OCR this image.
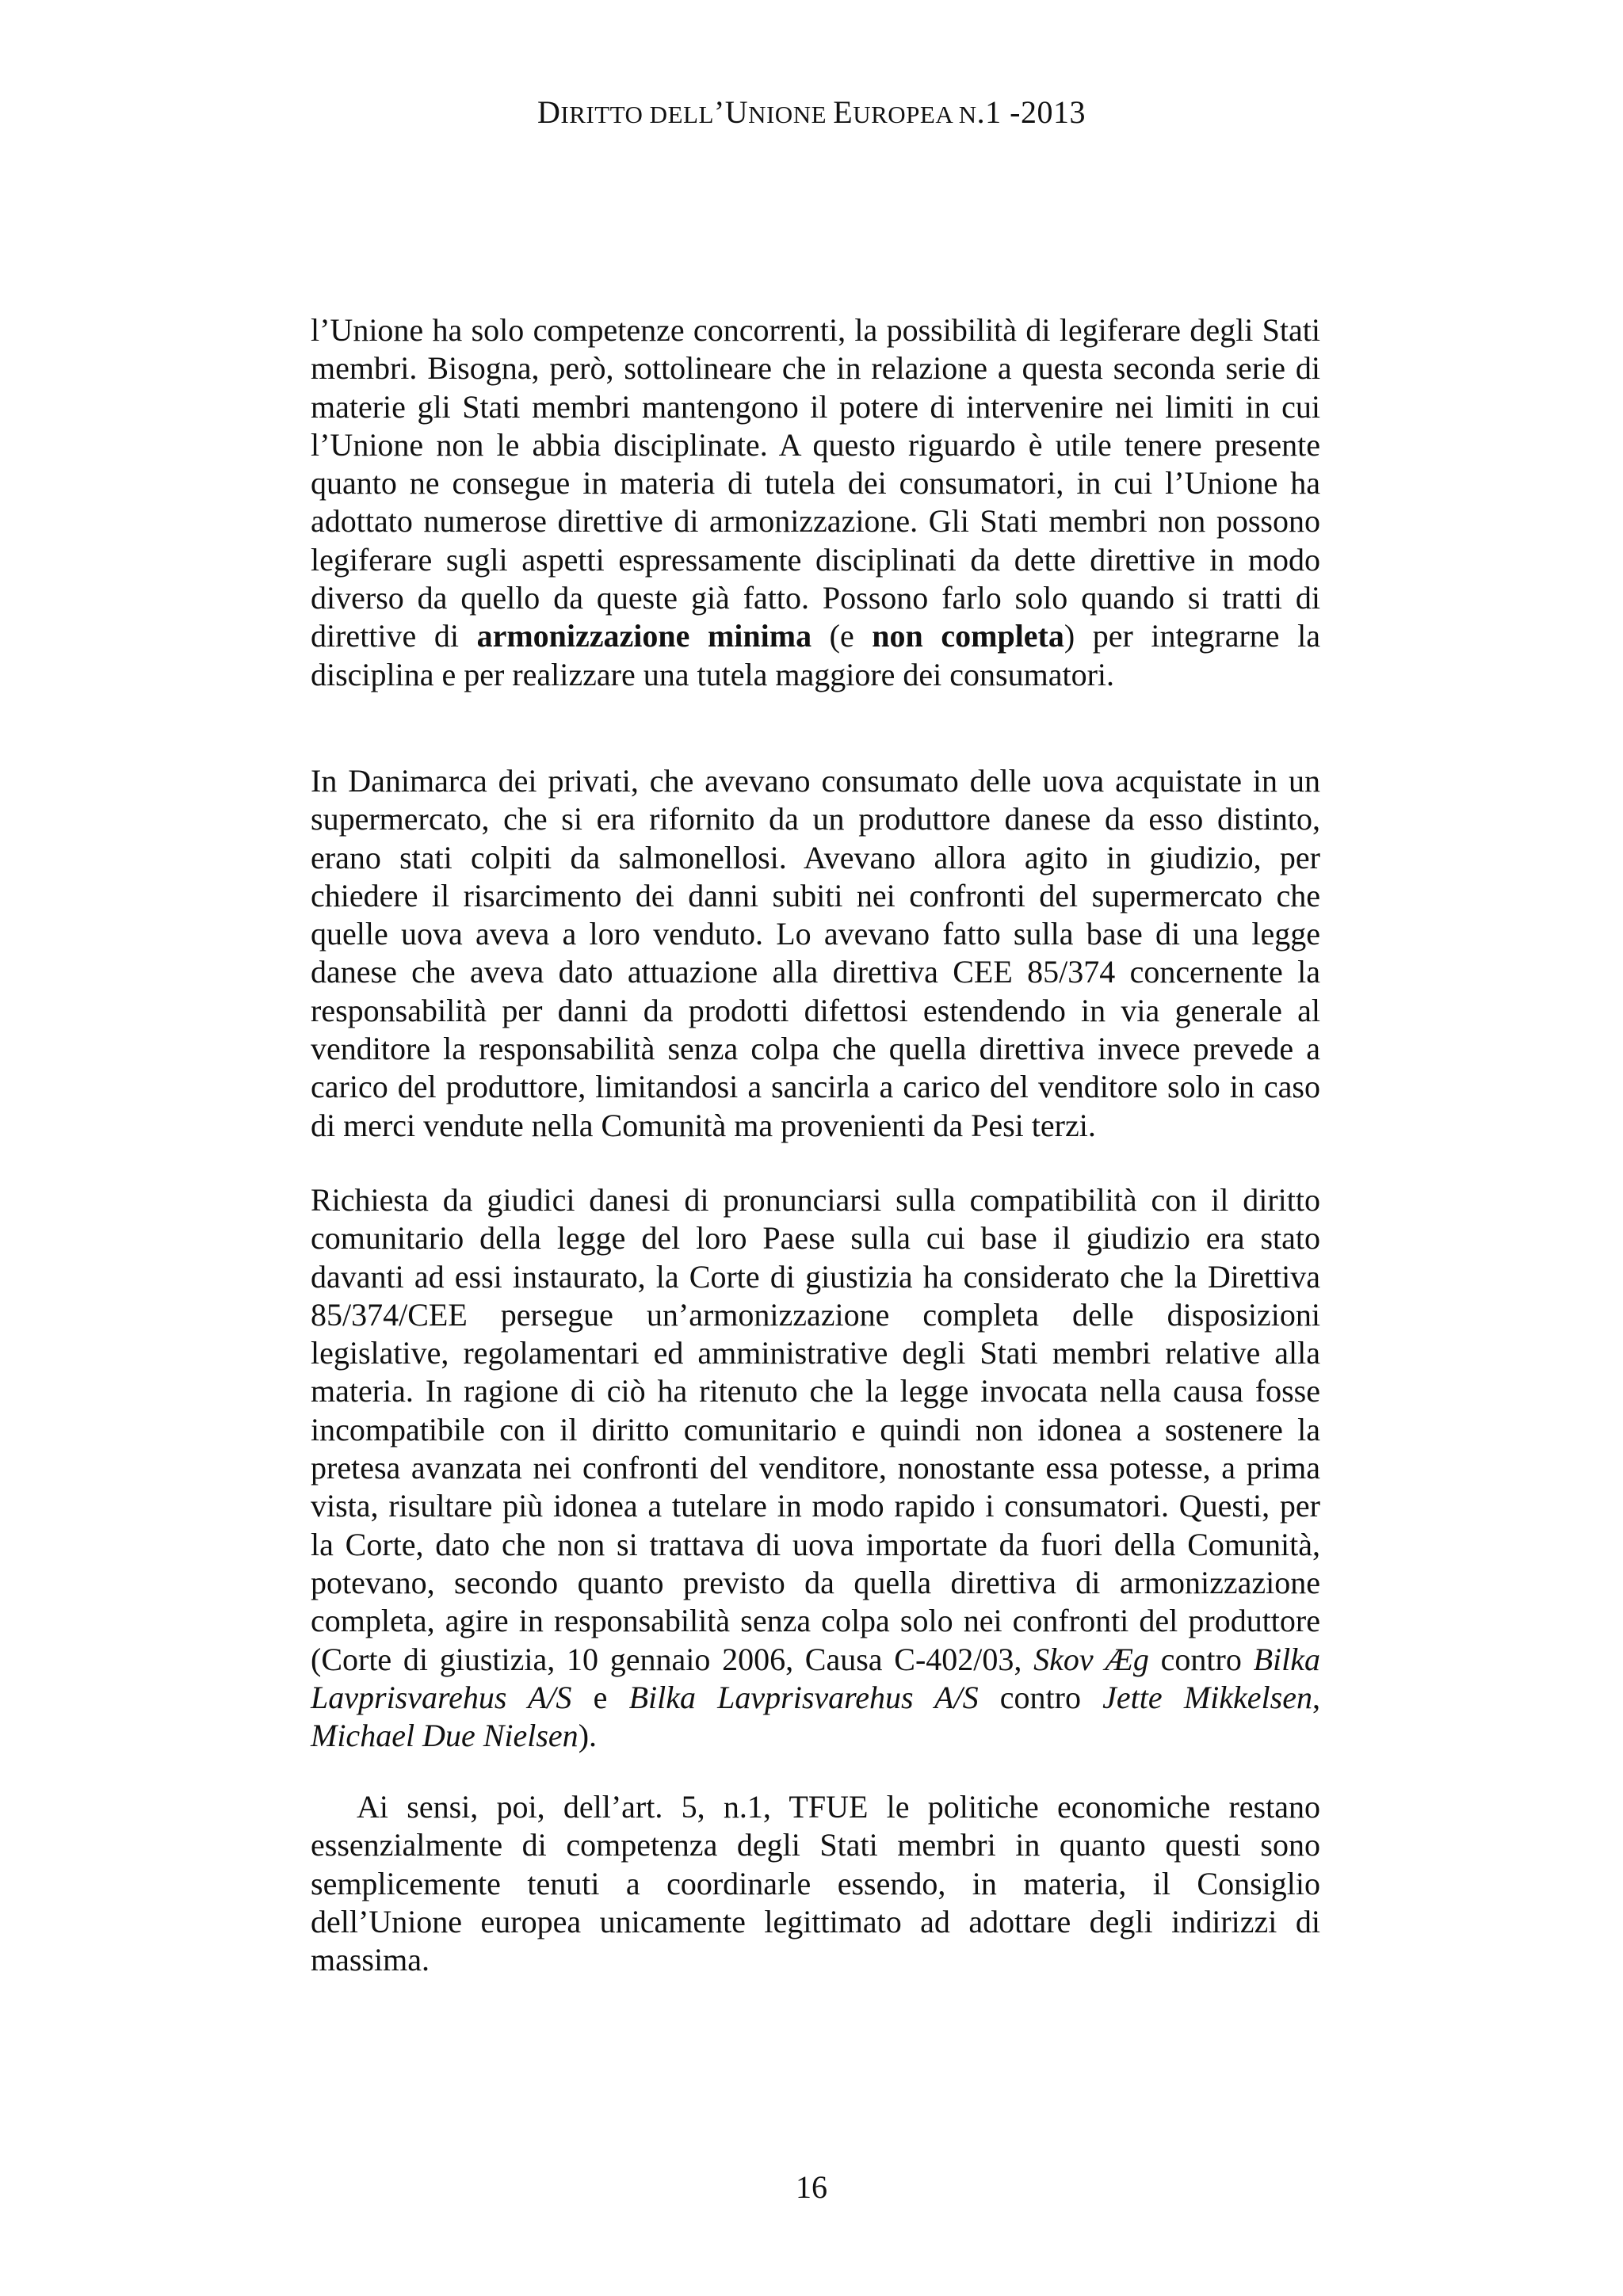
DIRITTO DELL’UNIONE EUROPEA N.1 -2013

l’Unione ha solo competenze concorrenti, la possibilità di legiferare degli Stati membri. Bisogna, però, sottolineare che in relazione a questa seconda serie di materie gli Stati membri mantengono il potere di intervenire nei limiti in cui l’Unione non le abbia disciplinate. A questo riguardo è utile tenere presente quanto ne consegue in materia di tutela dei consumatori, in cui l’Unione ha adottato numerose direttive di armonizzazione. Gli Stati membri non possono legiferare sugli aspetti espressamente disciplinati da dette direttive in modo diverso da quello da queste già fatto. Possono farlo solo quando si tratti di direttive di armonizzazione minima (e non completa) per integrarne la disciplina e per realizzare una tutela maggiore dei consumatori.

In Danimarca dei privati, che avevano consumato delle uova acquistate in un supermercato, che si era rifornito da un produttore danese da esso distinto, erano stati colpiti da salmonellosi. Avevano allora agito in giudizio, per chiedere il risarcimento dei danni subiti nei confronti del supermercato che quelle uova aveva a loro venduto. Lo avevano fatto sulla base di una legge danese che aveva dato attuazione alla direttiva CEE 85/374 concernente la responsabilità per danni da prodotti difettosi estendendo in via generale al venditore la responsabilità senza colpa che quella direttiva invece prevede a carico del produttore, limitandosi a sancirla a carico del venditore solo in caso di merci vendute nella Comunità ma provenienti da Pesi terzi.

Richiesta da giudici danesi di pronunciarsi sulla compatibilità con il diritto comunitario della legge del loro Paese sulla cui base il giudizio era stato davanti ad essi instaurato, la Corte di giustizia ha considerato che la Direttiva 85/374/CEE persegue un’armonizzazione completa delle disposizioni legislative, regolamentari ed amministrative degli Stati membri relative alla materia. In ragione di ciò ha ritenuto che la legge invocata nella causa fosse incompatibile con il diritto comunitario e quindi non idonea a sostenere la pretesa avanzata nei confronti del venditore, nonostante essa potesse, a prima vista, risultare più idonea a tutelare in modo rapido i consumatori. Questi, per la Corte, dato che non si trattava di uova importate da fuori della Comunità, potevano, secondo quanto previsto da quella direttiva di armonizzazione completa, agire in responsabilità senza colpa solo nei confronti del produttore (Corte di giustizia, 10 gennaio 2006, Causa C-402/03, Skov Æg contro Bilka Lavprisvarehus A/S e Bilka Lavprisvarehus A/S contro Jette Mikkelsen, Michael Due Nielsen).

Ai sensi, poi, dell’art. 5, n.1, TFUE le politiche economiche restano essenzialmente di competenza degli Stati membri in quanto questi sono semplicemente tenuti a coordinarle essendo, in materia, il Consiglio dell’Unione europea unicamente legittimato ad adottare degli indirizzi di massima.

16
